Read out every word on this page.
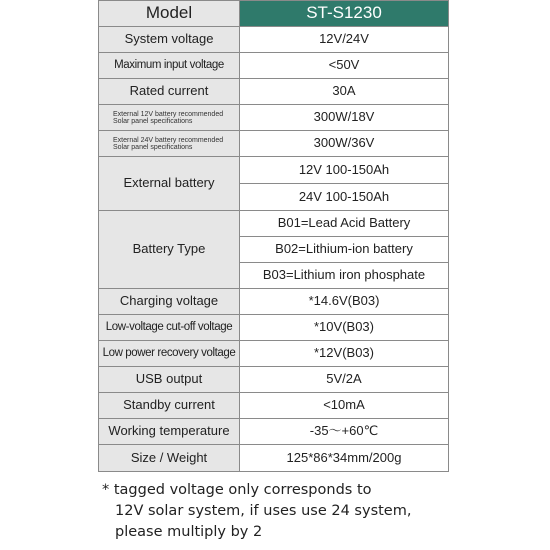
Model	ST-S1230
System voltage	12V/24V
Maximum input voltage	<50V
Rated current	30A
External 12V battery recommended Solar panel specifications	300W/18V
External 24V battery recommended Solar panel specifications	300W/36V
External battery	12V 100-150Ah
	24V 100-150Ah
Battery Type	B01=Lead Acid Battery
	B02=Lithium-ion battery
	B03=Lithium iron phosphate
Charging voltage	*14.6V(B03)
Low-voltage cut-off voltage	*10V(B03)
Low power recovery voltage	*12V(B03)
USB output	5V/2A
Standby current	<10mA
Working temperature	-35～+60℃
Size / Weight	125*86*34mm/200g
* tagged voltage only corresponds to
12V solar system, if uses use 24 system,
please multiply by 2
